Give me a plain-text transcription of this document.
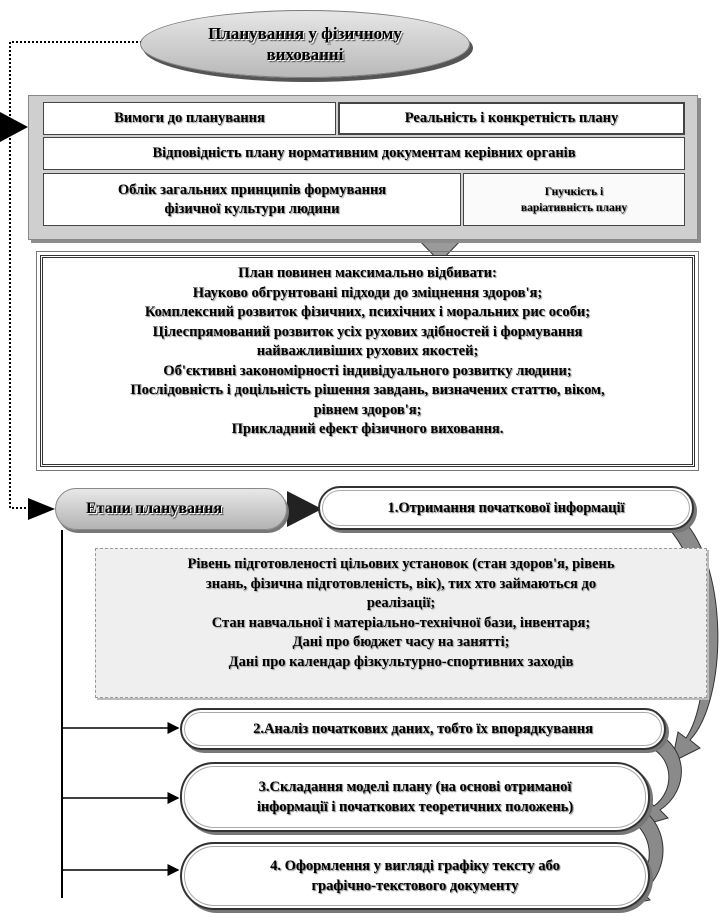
Планування у фізичному вихованні
Вимоги до планування	Реальність і конкретність плану
Відповідність плану нормативним документам керівних органів
Облік загальних принципів формування
фізичної культури людини
Гнучкість і
варіативність плану
План повинен максимально відбивати:
Науково обгрунтовані підходи до зміцнення здоров'я;
Комплексний розвиток фізичних, психічних і моральних рис особи;
Цілеспрямований розвиток усіх рухових здібностей і формування
найважливіших рухових якостей;
Об'єктивні закономірності індивідуального розвитку людини;
Послідовність і доцільність рішення завдань, визначених статтю, віком,
рівнем здоров'я;
Прикладний ефект фізичного виховання.
Етапи планування	1.Отримання початкової інформації
Рівень підготовленості цільових установок (стан здоров'я, рівень
знань, фізична підготовленість, вік), тих хто займаються до
реалізації;
Стан навчальної і матеріально-технічної бази, інвентаря;
Дані про бюджет часу на занятті;
Дані про календар фізкультурно-спортивних заходів
2.Аналіз початкових даних, тобто їх впорядкування
3.Складання моделі плану (на основі отриманої
інформації і початкових теоретичних положень)
4. Оформлення у вигляді графіку тексту або
графічно-текстового документу
